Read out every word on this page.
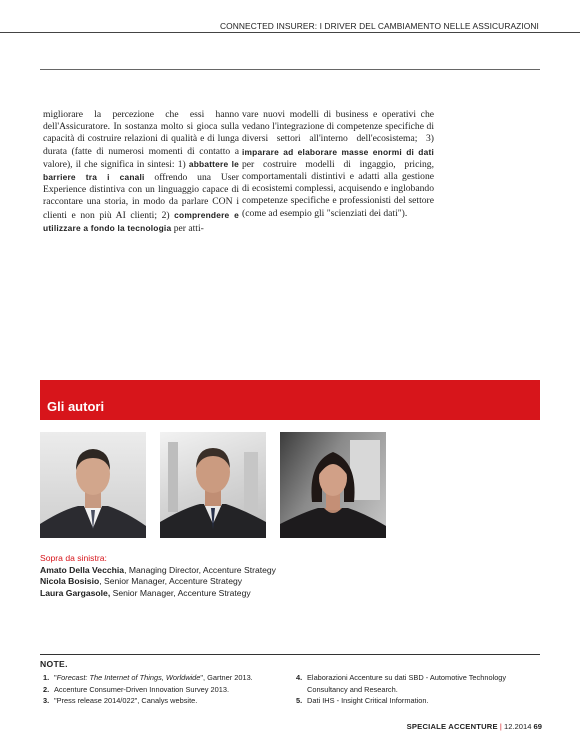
CONNECTED INSURER: I DRIVER DEL CAMBIAMENTO NELLE ASSICURAZIONI
migliorare la percezione che essi hanno dell'Assicuratore. In sostanza molto si gioca sulla capacità di costruire relazioni di qualità e di lunga durata (fatte di numerosi momenti di contatto a valore), il che significa in sintesi: 1) abbattere le barriere tra i canali offrendo una User Experience distintiva con un linguaggio capace di raccontare una storia, in modo da parlare CON i clienti e non più AI clienti; 2) comprendere e utilizzare a fondo la tecnologia per atti-
vare nuovi modelli di business e operativi che vedano l'integrazione di competenze specifiche di diversi settori all'interno dell'ecosistema; 3) imparare ad elaborare masse enormi di dati per costruire modelli di ingaggio, pricing, comportamentali distintivi e adatti alla gestione di ecosistemi complessi, acquisendo e inglobando competenze specifiche e professionisti del settore (come ad esempio gli "scienziati dei dati").
Gli autori
Sopra da sinistra:
Amato Della Vecchia, Managing Director, Accenture Strategy
Nicola Bosisio, Senior Manager, Accenture Strategy
Laura Gargasole, Senior Manager, Accenture Strategy
NOTE.
1. "Forecast: The Internet of Things, Worldwide", Gartner 2013.
2. Accenture Consumer-Driven Innovation Survey 2013.
3. "Press release 2014/022", Canalys website.
4. Elaborazioni Accenture su dati SBD - Automotive Technology Consultancy and Research.
5. Dati IHS - Insight Critical Information.
SPECIALE ACCENTURE | 12.2014 69
